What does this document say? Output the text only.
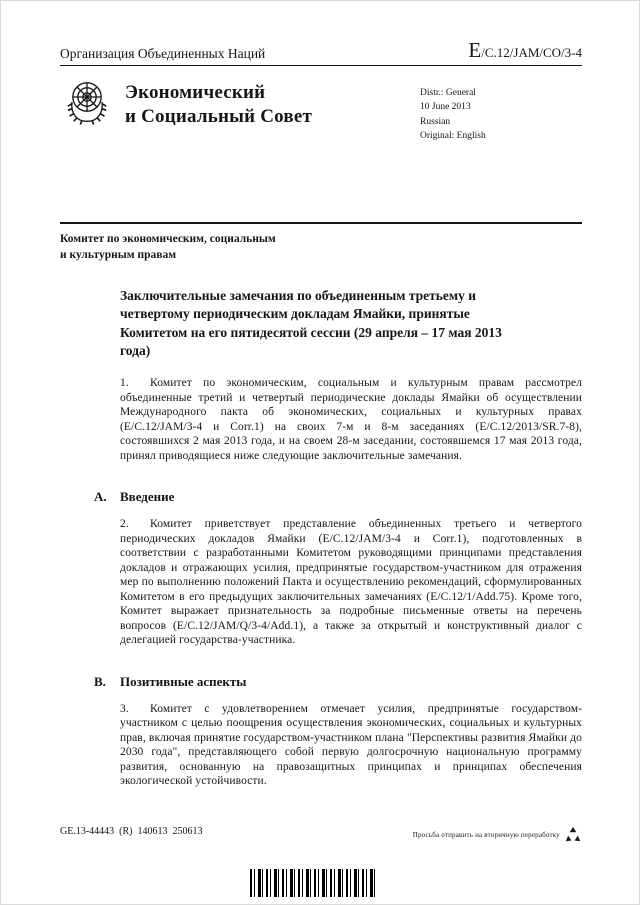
Организация Объединенных Наций	E/C.12/JAM/CO/3-4
Экономический
и Социальный Совет
Distr.: General
10 June 2013
Russian
Original: English
Комитет по экономическим, социальным
и культурным правам
Заключительные замечания по объединенным третьему и четвертому периодическим докладам Ямайки, принятые Комитетом на его пятидесятой сессии (29 апреля – 17 мая 2013 года)

1. Комитет по экономическим, социальным и культурным правам рассмотрел объединенные третий и четвертый периодические доклады Ямайки об осуществлении Международного пакта об экономических, социальных и культурных правах (E/C.12/JAM/3-4 и Corr.1) на своих 7-м и 8-м заседаниях (E/C.12/2013/SR.7-8), состоявшихся 2 мая 2013 года, и на своем 28-м заседании, состоявшемся 17 мая 2013 года, принял приводящиеся ниже следующие заключительные замечания.

A. Введение

2. Комитет приветствует представление объединенных третьего и четвертого периодических докладов Ямайки (E/C.12/JAM/3-4 и Corr.1), подготовленных в соответствии с разработанными Комитетом руководящими принципами представления докладов и отражающих усилия, предпринятые государством-участником для отражения мер по выполнению положений Пакта и осуществлению рекомендаций, сформулированных Комитетом в его предыдущих заключительных замечаниях (E/C.12/1/Add.75). Кроме того, Комитет выражает признательность за подробные письменные ответы на перечень вопросов (E/C.12/JAM/Q/3-4/Add.1), а также за открытый и конструктивный диалог с делегацией государства-участника.

B. Позитивные аспекты

3. Комитет с удовлетворением отмечает усилия, предпринятые государством-участником с целью поощрения осуществления экономических, социальных и культурных прав, включая принятие государством-участником плана "Перспективы развития Ямайки до 2030 года", представляющего собой первую долгосрочную национальную программу развития, основанную на правозащитных принципах и принципах обеспечения экологической устойчивости.

GE.13-44443  (R)  140613  250613	Просьба отправить на вторичную переработку
